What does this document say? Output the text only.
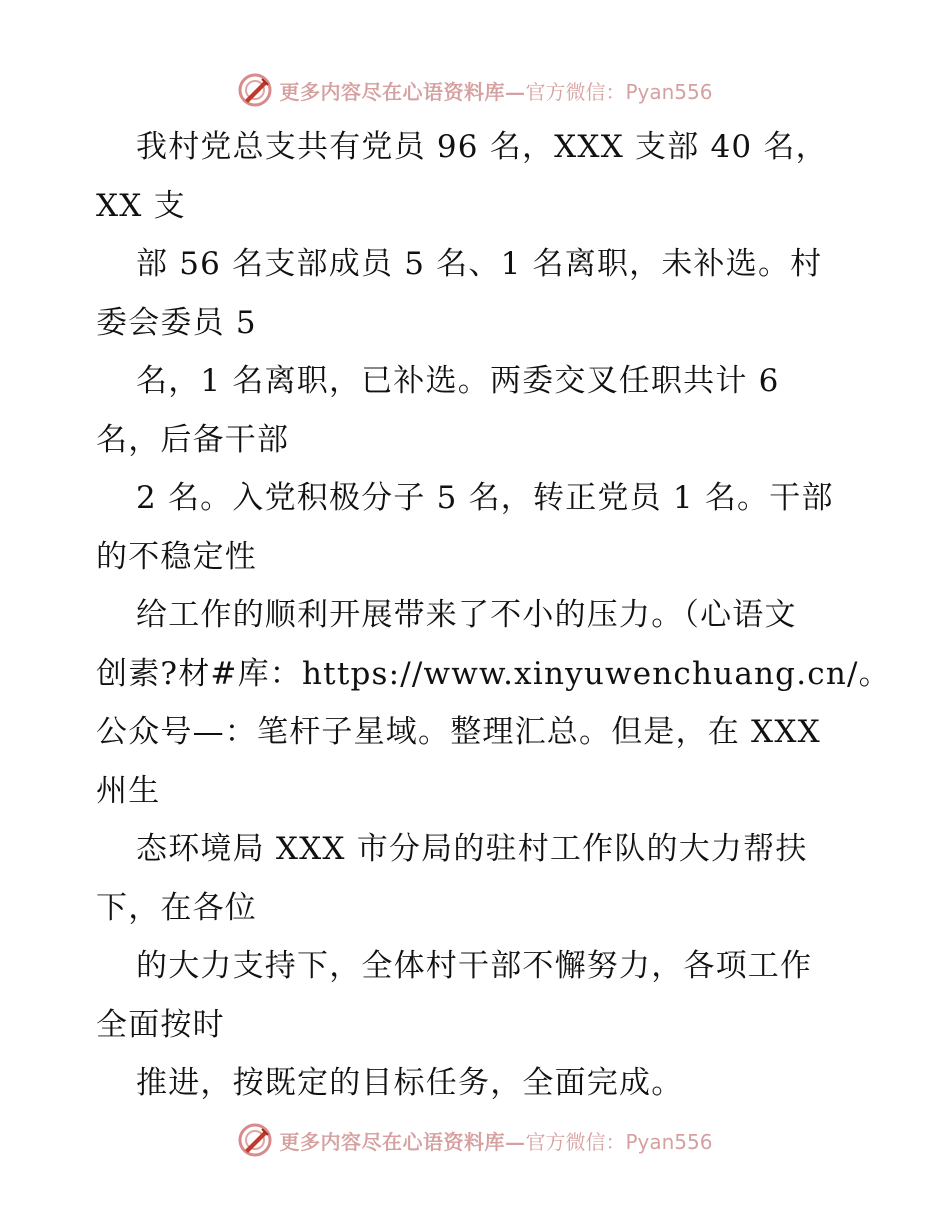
更多内容尽在心语资料库— 官方微信：Pyan556
我村党总支共有党员 96 名，XXX 支部 40 名，
XX 支
部 56 名支部成员 5 名、1 名离职，未补选。村
委会委员 5
名，1 名离职，已补选。两委交叉任职共计 6
名，后备干部
2 名。入党积极分子 5 名，转正党员 1 名。干部
的不稳定性
给工作的顺利开展带来了不小的压力。（心语文
创素?材#库：https://www.xinyuwenchuang.cn/。
公众号—：笔杆子星域。整理汇总。但是，在 XXX
州生
态环境局 XXX 市分局的驻村工作队的大力帮扶
下，在各位
的大力支持下，全体村干部不懈努力，各项工作
全面按时
推进，按既定的目标任务，全面完成。
更多内容尽在心语资料库— 官方微信：Pyan556
